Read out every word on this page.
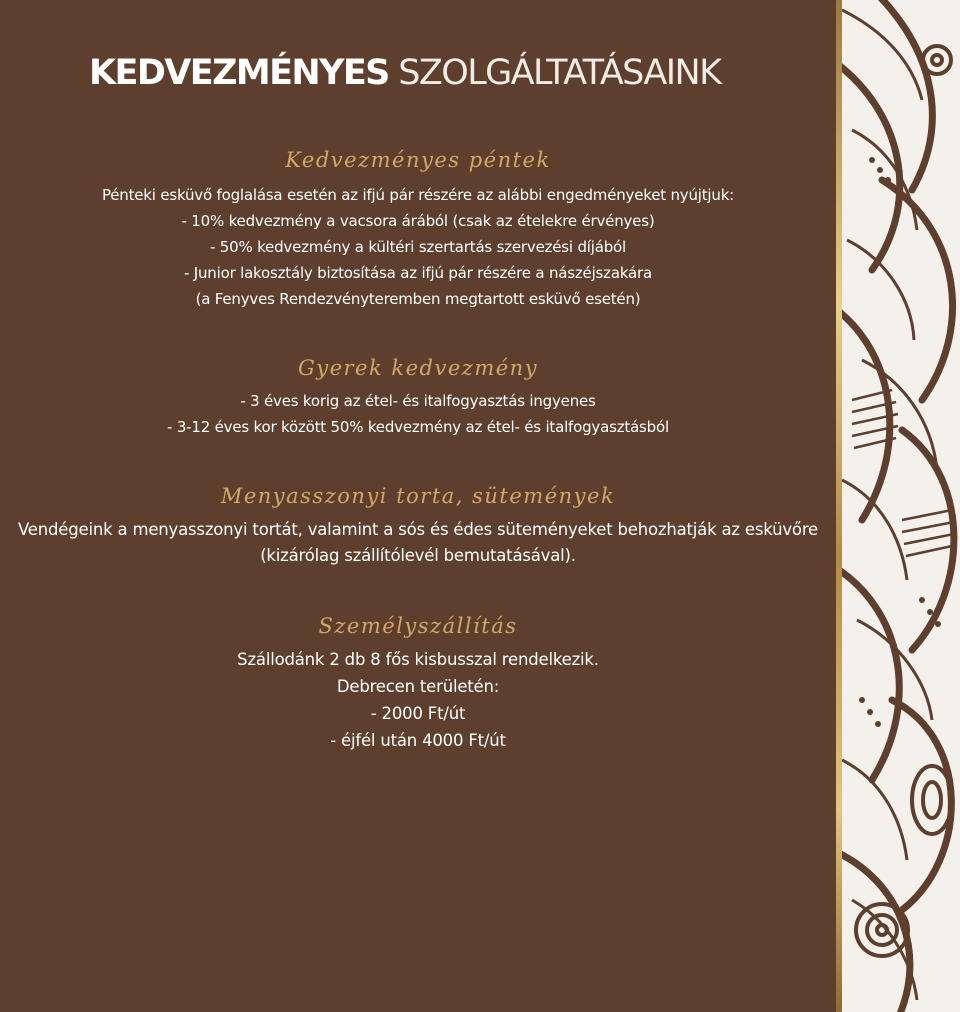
KEDVEZMÉNYES SZOLGÁLTATÁSAINK
Kedvezményes péntek
Pénteki esküvő foglalása esetén az ifjú pár részére az alábbi engedményeket nyújtjuk:
- 10% kedvezmény a vacsora árából (csak az ételekre érvényes)
- 50% kedvezmény a kültéri szertartás szervezési díjából
- Junior lakosztály biztosítása az ifjú pár részére a nászéjszakára
(a Fenyves Rendezvényteremben megtartott esküvő esetén)
Gyerek kedvezmény
- 3 éves korig az étel- és italfogyasztás ingyenes
- 3-12 éves kor között 50% kedvezmény az étel- és italfogyasztásból
Menyasszonyi torta, sütemények
Vendégeink a menyasszonyi tortát, valamint a sós és édes süteményeket behozhatják az esküvőre
(kizárólag szállítólevél bemutatásával).
Személyszállítás
Szállodánk 2 db 8 fős kisbusszal rendelkezik.
Debrecen területén:
- 2000 Ft/út
- éjfél után 4000 Ft/út
